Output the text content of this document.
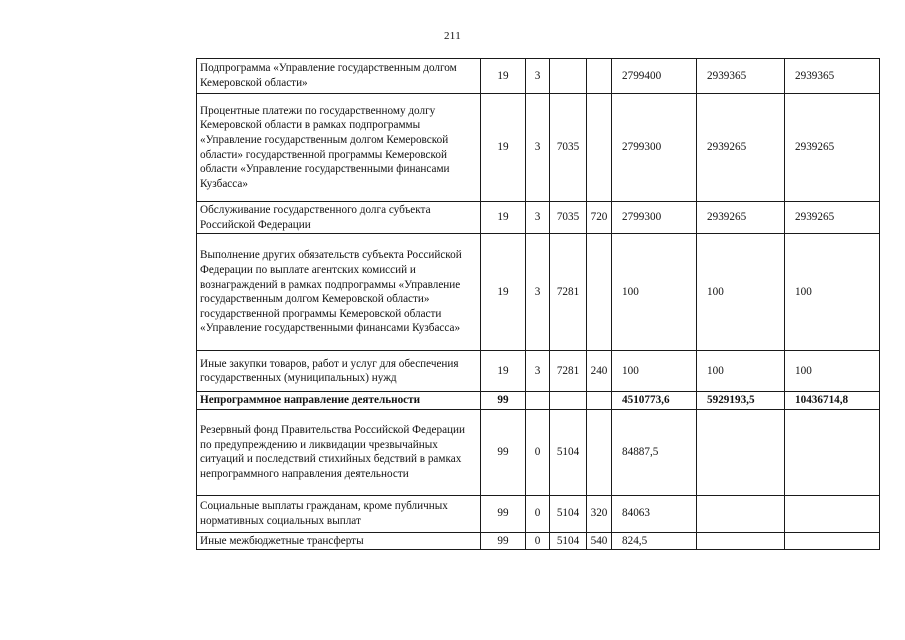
211
Подпрограмма «Управление государственным долгом Кемеровской области»	19	3			2799400	2939365	2939365
Процентные платежи по государственному долгу Кемеровской области в рамках подпрограммы «Управление государственным долгом Кемеровской области» государственной программы Кемеровской области «Управление государственными финансами Кузбасса»	19	3	7035		2799300	2939265	2939265
Обслуживание государственного долга субъекта Российской Федерации	19	3	7035	720	2799300	2939265	2939265
Выполнение других обязательств субъекта Российской Федерации по выплате агентских комиссий и вознаграждений в рамках подпрограммы «Управление государственным долгом Кемеровской области» государственной программы Кемеровской области «Управление государственными финансами Кузбасса»	19	3	7281		100	100	100
Иные закупки товаров, работ и услуг для обеспечения государственных (муниципальных) нужд	19	3	7281	240	100	100	100
Непрограммное направление деятельности	99				4510773,6	5929193,5	10436714,8
Резервный фонд Правительства Российской Федерации по предупреждению и ликвидации чрезвычайных ситуаций и последствий стихийных бедствий в рамках непрограммного направления деятельности	99	0	5104		84887,5		
Социальные выплаты гражданам, кроме публичных нормативных социальных выплат	99	0	5104	320	84063		
Иные межбюджетные трансферты	99	0	5104	540	824,5		
